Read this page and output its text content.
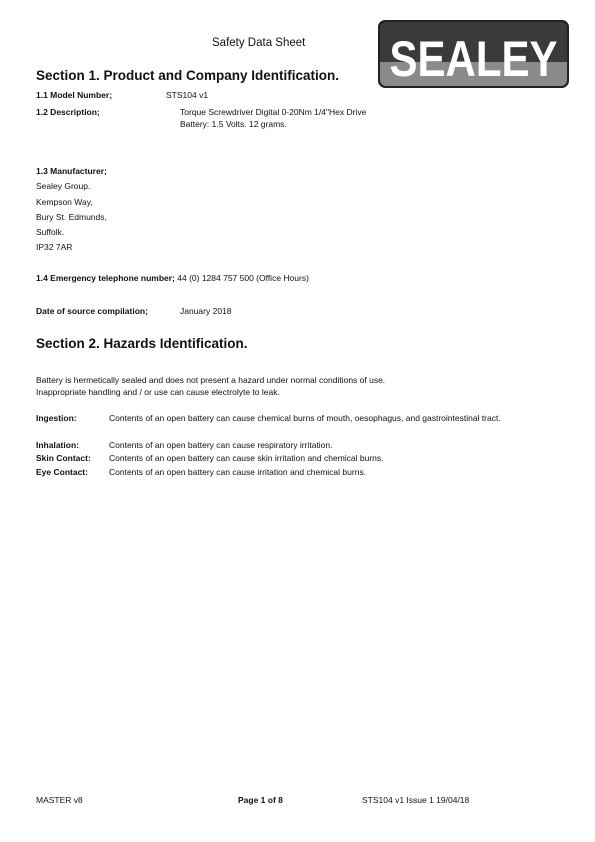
Safety Data Sheet SEALEY
Section 1. Product and Company Identification.
1.1 Model Number;	STS104 v1
1.2 Description;	Torque Screwdriver Digital 0-20Nm 1/4"Hex Drive
Battery: 1.5 Volts. 12 grams.
1.3 Manufacturer;
Sealey Group.
Kempson Way,
Bury St. Edmunds,
Suffolk.
IP32 7AR
1.4 Emergency telephone number; 44 (0) 1284 757 500 (Office Hours)
Date of source compilation;	January 2018
Section 2. Hazards Identification.
Battery is hermetically sealed and does not present a hazard under normal conditions of use.
Inappropriate handling and / or use can cause electrolyte to leak.
Ingestion:	Contents of an open battery can cause chemical burns of mouth, oesophagus, and gastrointestinal tract.
Inhalation:	Contents of an open battery can cause respiratory irritation.
Skin Contact: Contents of an open battery can cause skin irritation and chemical burns.
Eye Contact: Contents of an open battery can cause irritation and chemical burns.
MASTER v8	Page 1 of 8	STS104 v1 Issue 1 19/04/18
